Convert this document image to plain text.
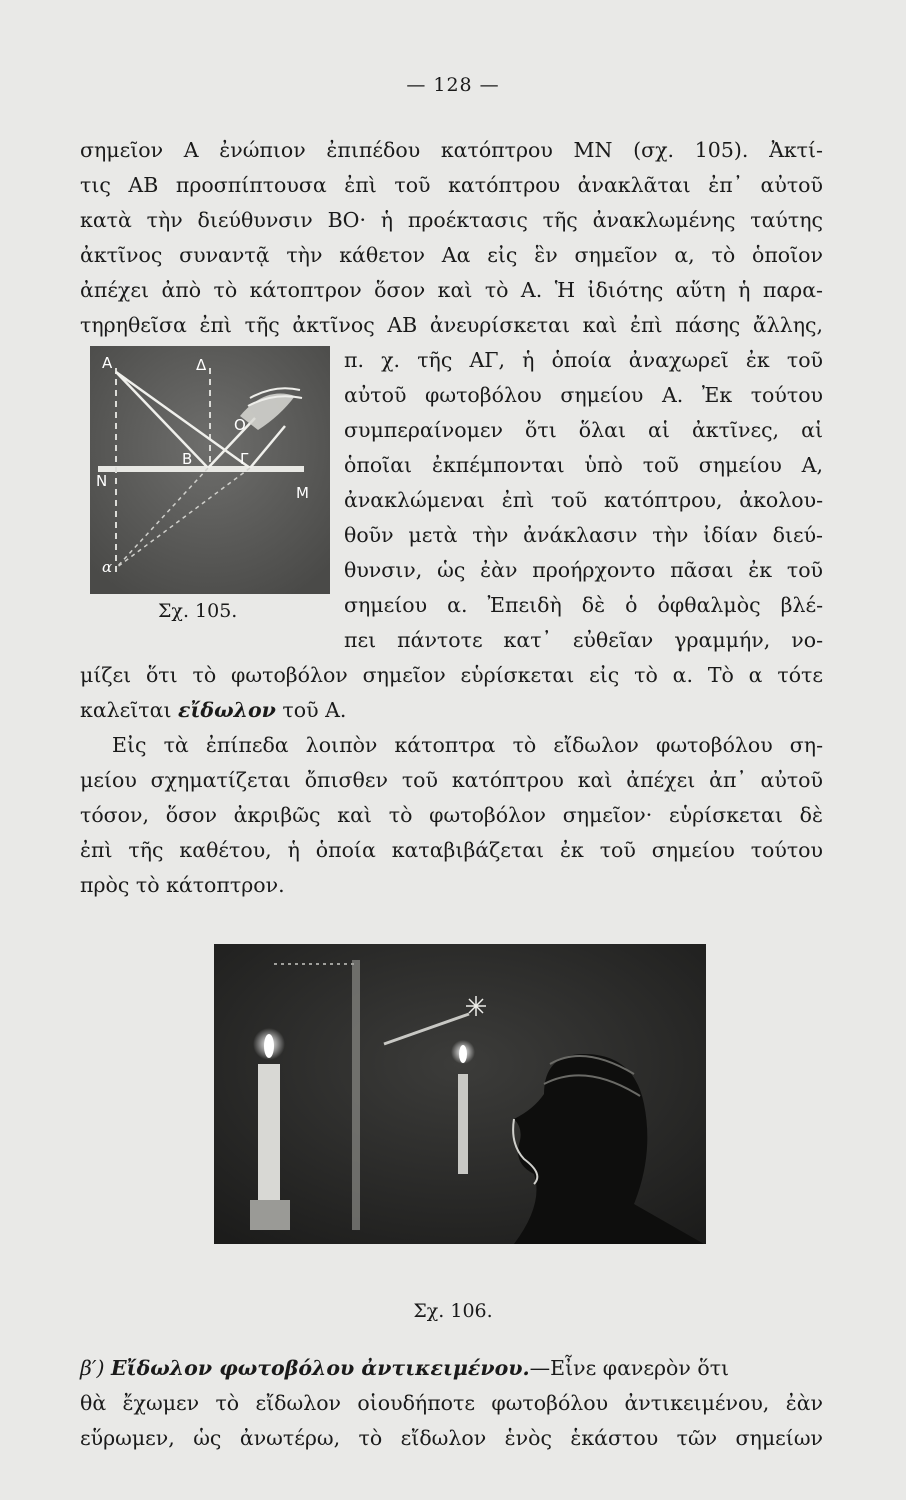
— 128 —
σημεῖον Α ἐνώπιον ἐπιπέδου κατόπτρου ΜΝ (σχ. 105). Ἀκτί-
τις ΑΒ προσπίπτουσα ἐπὶ τοῦ κατόπτρου ἀνακλᾶται ἐπ᾽ αὐτοῦ
κατὰ τὴν διεύθυνσιν ΒΟ· ἡ προέκτασις τῆς ἀνακλωμένης ταύτης
ἀκτῖνος συναντᾷ τὴν κάθετον Αα εἰς ἓν σημεῖον α, τὸ ὁποῖον
ἀπέχει ἀπὸ τὸ κάτοπτρον ὅσον καὶ τὸ Α. Ἡ ἰδιότης αὕτη ἡ παρα-
τηρηθεῖσα ἐπὶ τῆς ἀκτῖνος ΑΒ ἀνευρίσκεται καὶ ἐπὶ πάσης ἄλλης,
Α	Δ
Ο
Β	Γ
Ν
Μ
α
Σχ. 105.
π. χ. τῆς ΑΓ, ἡ ὁποία ἀναχωρεῖ ἐκ τοῦ
αὐτοῦ φωτοβόλου σημείου Α. Ἐκ τούτου
συμπεραίνομεν ὅτι ὅλαι αἱ ἀκτῖνες, αἱ
ὁποῖαι ἐκπέμπονται ὑπὸ τοῦ σημείου Α,
ἀνακλώμεναι ἐπὶ τοῦ κατόπτρου, ἀκολου-
θοῦν μετὰ τὴν ἀνάκλασιν τὴν ἰδίαν διεύ-
θυνσιν, ὡς ἐὰν προήρχοντο πᾶσαι ἐκ τοῦ
σημείου α. Ἐπειδὴ δὲ ὁ ὀφθαλμὸς βλέ-
πει πάντοτε κατ᾽ εὐθεῖαν γραμμήν, νο-
μίζει ὅτι τὸ φωτοβόλον σημεῖον εὑρίσκεται εἰς τὸ α. Τὸ α τότε
καλεῖται εἴδωλον τοῦ Α.
Εἰς τὰ ἐπίπεδα λοιπὸν κάτοπτρα τὸ εἴδωλον φωτοβόλου ση-
μείου σχηματίζεται ὄπισθεν τοῦ κατόπτρου καὶ ἀπέχει ἀπ᾽ αὐτοῦ
τόσον, ὅσον ἀκριβῶς καὶ τὸ φωτοβόλον σημεῖον· εὑρίσκεται δὲ
ἐπὶ τῆς καθέτου, ἡ ὁποία καταβιβάζεται ἐκ τοῦ σημείου τούτου
πρὸς τὸ κάτοπτρον.
Σχ. 106.
β′) Εἴδωλον φωτοβόλου ἀντικειμένου.—Εἶνε φανερὸν ὅτι
θὰ ἔχωμεν τὸ εἴδωλον οἱουδήποτε φωτοβόλου ἀντικειμένου, ἐὰν
εὕρωμεν, ὡς ἀνωτέρω, τὸ εἴδωλον ἑνὸς ἑκάστου τῶν σημείων
